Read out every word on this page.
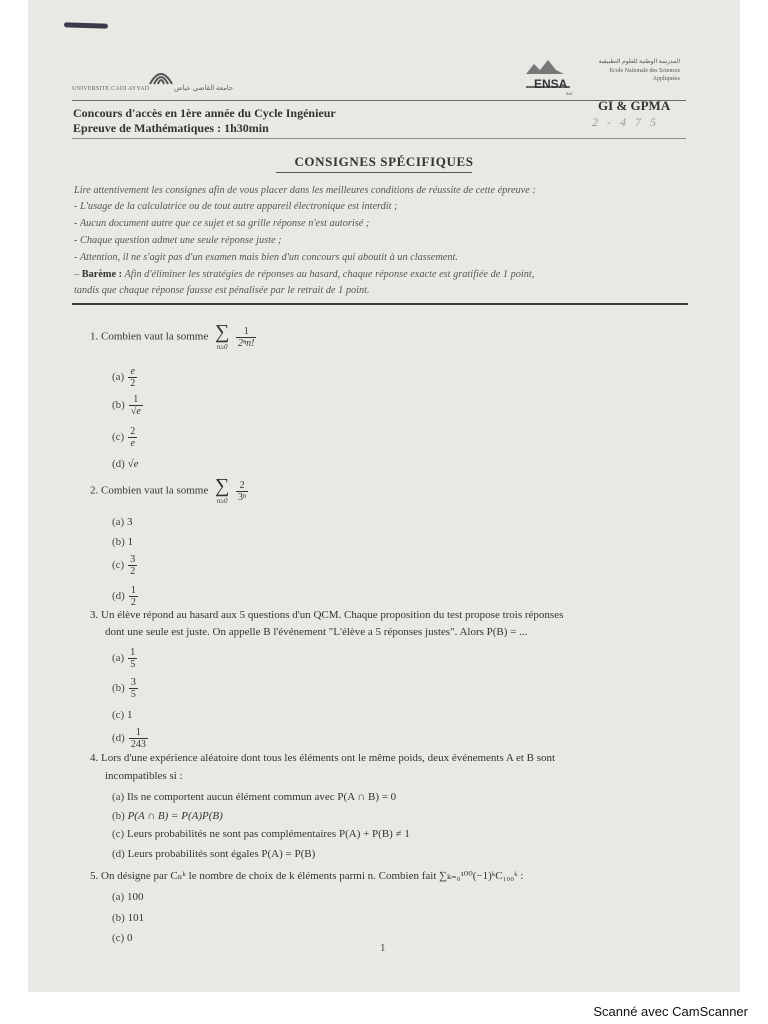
UNIVERSITE CADI AYYAD	جامعة القاضي عياض	ENSA
Safi
المدرسة الوطنية للعلوم التطبيقية
Ecole Nationale des Sciences Appliquées
Concours d'accès en 1ère année du Cycle Ingénieur
Epreuve de Mathématiques : 1h30min
GI & GPMA
2 - 4 7 5
CONSIGNES SPÉCIFIQUES
Lire attentivement les consignes afin de vous placer dans les meilleures conditions de réussite de cette épreuve :
- L'usage de la calculatrice ou de tout autre appareil électronique est interdit ;
- Aucun document autre que ce sujet et sa grille réponse n'est autorisé ;
- Chaque question admet une seule réponse juste ;
- Attention, il ne s'agit pas d'un examen mais bien d'un concours qui aboutit à un classement.
– Barème : Afin d'éliminer les stratégies de réponses au hasard, chaque réponse exacte est gratifiée de 1 point,
tandis que chaque réponse fausse est pénalisée par le retrait de 1 point.
1. Combien vaut la somme ∑
n≥0
$\frac{1}{\text{2ⁿn!}}$
$(a) \frac{e}{2}$
$(b) \frac{1}{√e}$
$(c) \frac{2}{e}$
(d) √e
2. Combien vaut la somme ∑
n≥0
$\frac{2}{\text{3ⁿ}}$
(a) 3
(b) 1
$(c) \frac{3}{2}$
$(d) \frac{1}{2}$
3. Un élève répond au hasard aux 5 questions d'un QCM. Chaque proposition du test propose trois réponses
dont une seule est juste. On appelle B l'événement "L'élève a 5 réponses justes". Alors P(B) = ...
$(a) \frac{1}{5}$
$(b) \frac{3}{5}$
(c) 1
$(d) \frac{1}{243}$
4. Lors d'une expérience aléatoire dont tous les éléments ont le même poids, deux événements A et B sont
incompatibles si :
(a) Ils ne comportent aucun élément commun avec P(A ∩ B) = 0
(b) P(A ∩ B) = P(A)P(B)
(c) Leurs probabilités ne sont pas complémentaires P(A) + P(B) ≠ 1
(d) Leurs probabilités sont égales P(A) = P(B)
5. On désigne par Cₙᵏ le nombre de choix de k éléments parmi n. Combien fait ∑ₖ₌₀¹⁰⁰(−1)ᵏC₁₀₀ᵏ :
(a) 100
(b) 101
(c) 0
1
Scanné avec CamScanner
